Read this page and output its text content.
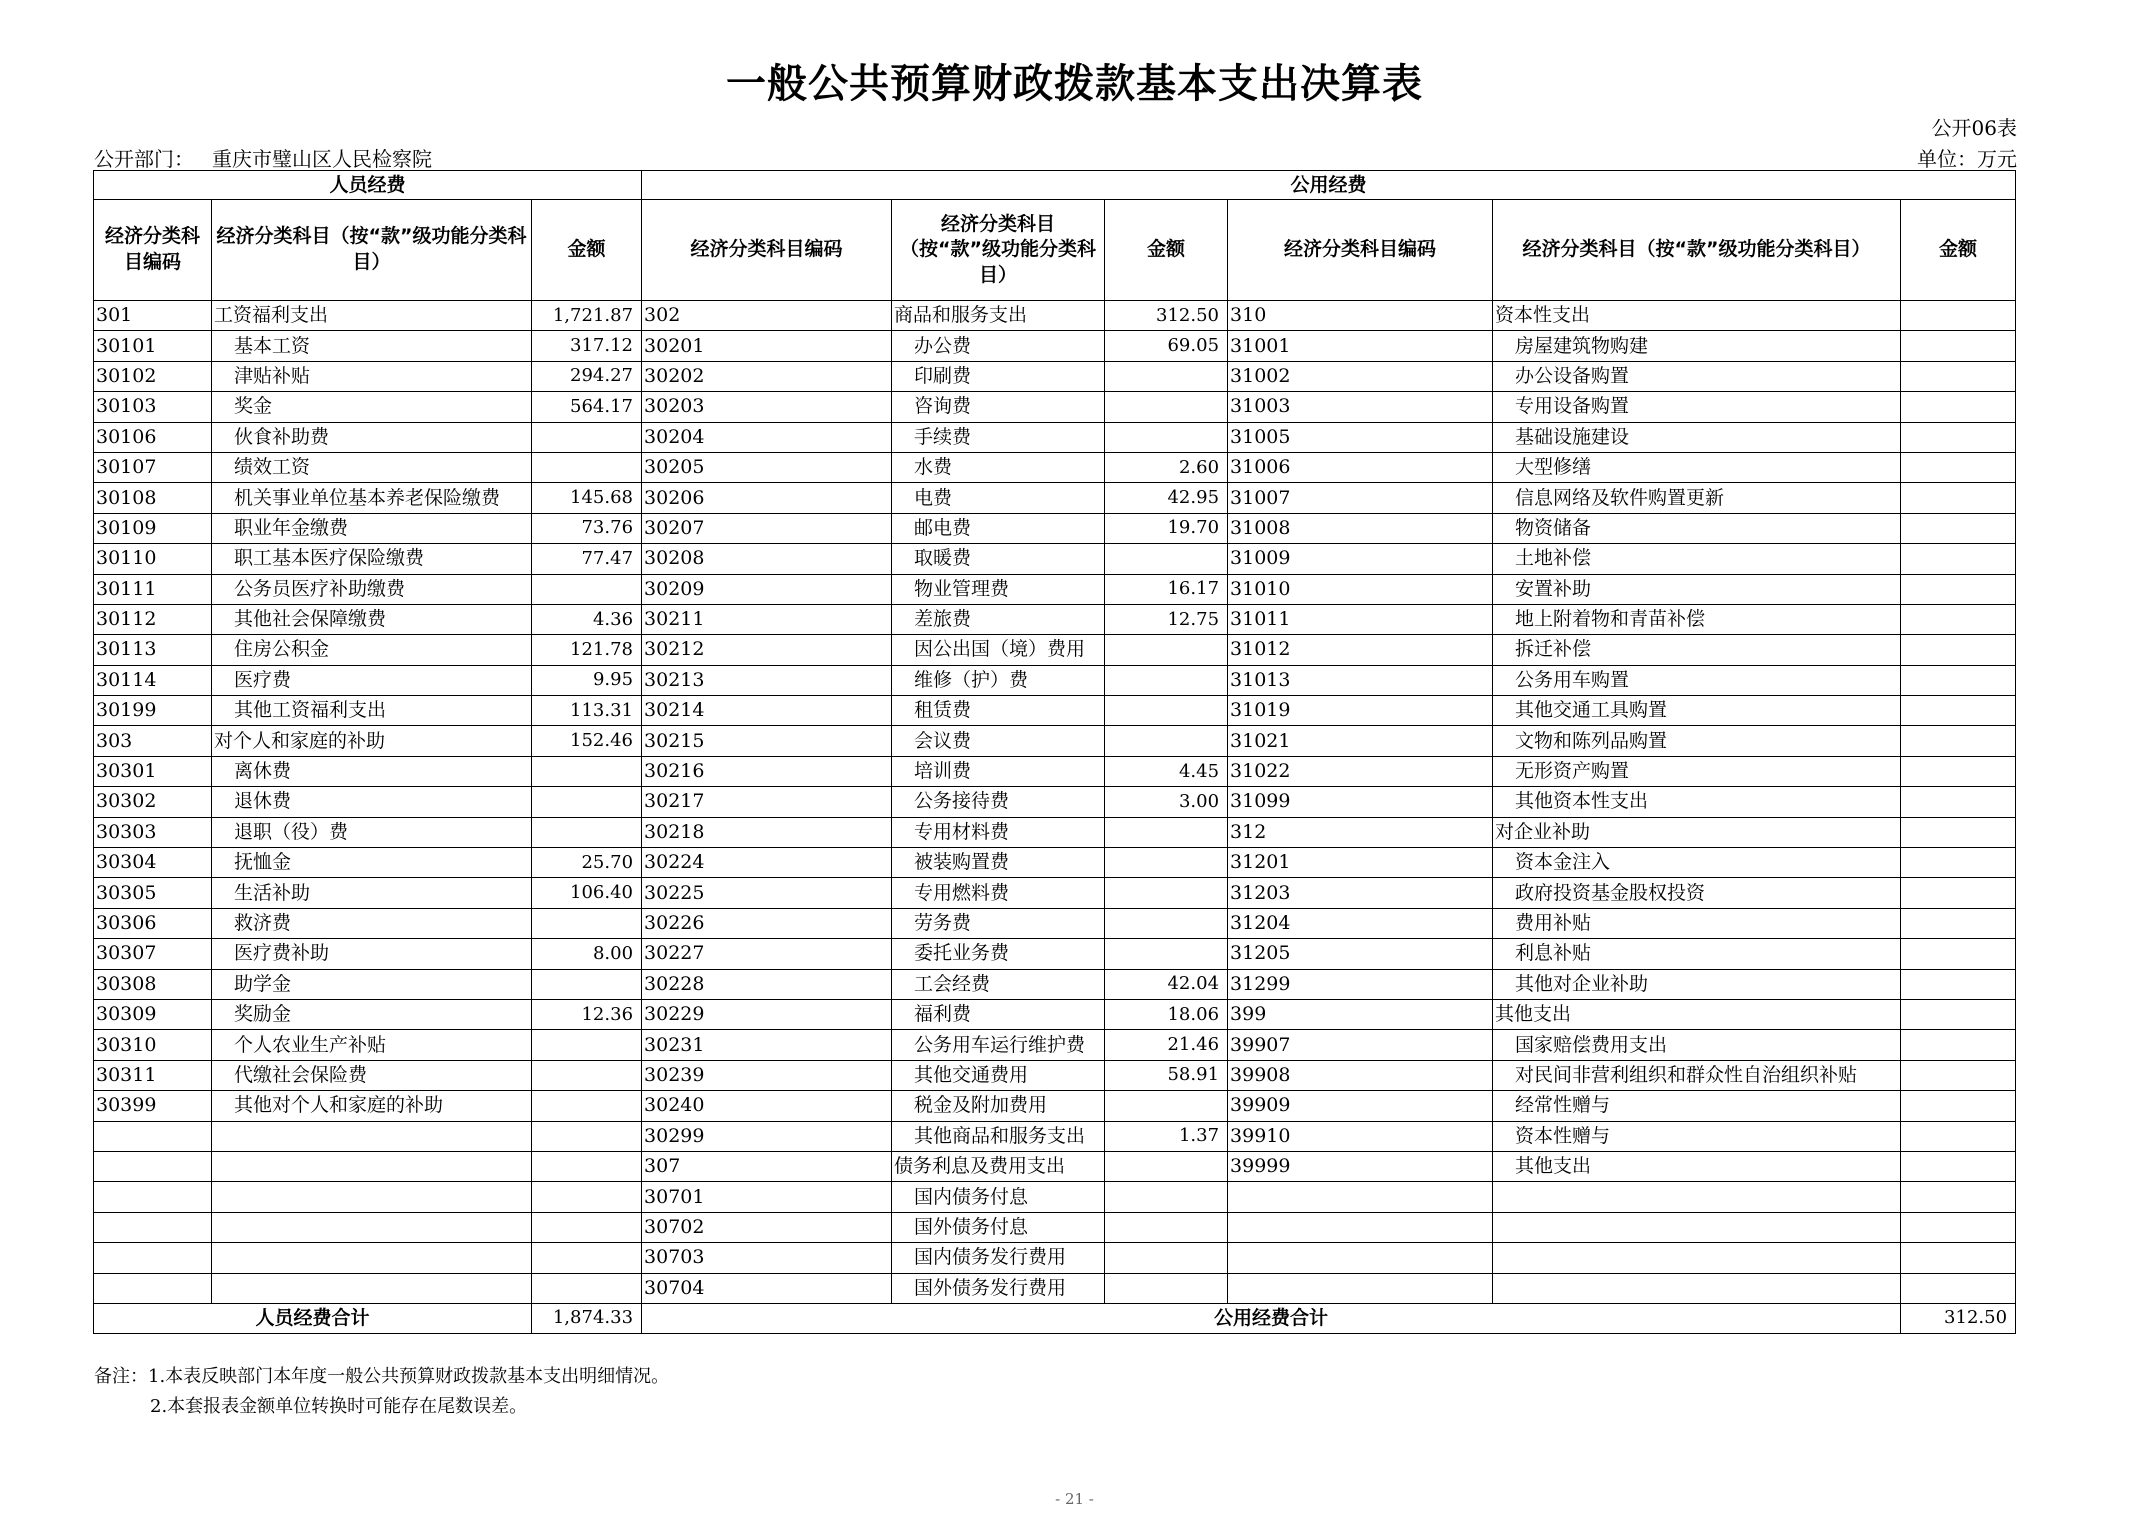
一般公共预算财政拨款基本支出决算表
公开06表
公开部门： 重庆市璧山区人民检察院	单位：万元
人员经费			公用经费					
经济分类科目编码	经济分类科目（按“款”级功能分类科目）	金额	经济分类科目编码	经济分类科目（按“款”级功能分类科目）	金额	经济分类科目编码	经济分类科目（按“款”级功能分类科目）	金额
301	工资福利支出	1,721.87	302	商品和服务支出	312.50	310	资本性支出	
30101	基本工资	317.12	30201	办公费	69.05	31001	房屋建筑物购建	
30102	津贴补贴	294.27	30202	印刷费		31002	办公设备购置	
30103	奖金	564.17	30203	咨询费		31003	专用设备购置	
30106	伙食补助费		30204	手续费		31005	基础设施建设	
30107	绩效工资		30205	水费	2.60	31006	大型修缮	
30108	机关事业单位基本养老保险缴费	145.68	30206	电费	42.95	31007	信息网络及软件购置更新	
30109	职业年金缴费	73.76	30207	邮电费	19.70	31008	物资储备	
30110	职工基本医疗保险缴费	77.47	30208	取暖费		31009	土地补偿	
30111	公务员医疗补助缴费		30209	物业管理费	16.17	31010	安置补助	
30112	其他社会保障缴费	4.36	30211	差旅费	12.75	31011	地上附着物和青苗补偿	
30113	住房公积金	121.78	30212	因公出国（境）费用		31012	拆迁补偿	
30114	医疗费	9.95	30213	维修（护）费		31013	公务用车购置	
30199	其他工资福利支出	113.31	30214	租赁费		31019	其他交通工具购置	
303	对个人和家庭的补助	152.46	30215	会议费		31021	文物和陈列品购置	
30301	离休费		30216	培训费	4.45	31022	无形资产购置	
30302	退休费		30217	公务接待费	3.00	31099	其他资本性支出	
30303	退职（役）费		30218	专用材料费		312	对企业补助	
30304	抚恤金	25.70	30224	被装购置费		31201	资本金注入	
30305	生活补助	106.40	30225	专用燃料费		31203	政府投资基金股权投资	
30306	救济费		30226	劳务费		31204	费用补贴	
30307	医疗费补助	8.00	30227	委托业务费		31205	利息补贴	
30308	助学金		30228	工会经费	42.04	31299	其他对企业补助	
30309	奖励金	12.36	30229	福利费	18.06	399	其他支出	
30310	个人农业生产补贴		30231	公务用车运行维护费	21.46	39907	国家赔偿费用支出	
30311	代缴社会保险费		30239	其他交通费用	58.91	39908	对民间非营利组织和群众性自治组织补贴	
30399	其他对个人和家庭的补助		30240	税金及附加费用		39909	经常性赠与	
			30299	其他商品和服务支出	1.37	39910	资本性赠与	
			307	债务利息及费用支出		39999	其他支出	
			30701	国内债务付息				
			30702	国外债务付息				
			30703	国内债务发行费用				
			30704	国外债务发行费用				
人员经费合计		1,874.33	公用经费合计					312.50
备注：1.本表反映部门本年度一般公共预算财政拨款基本支出明细情况。
2.本套报表金额单位转换时可能存在尾数误差。
- 21 -
